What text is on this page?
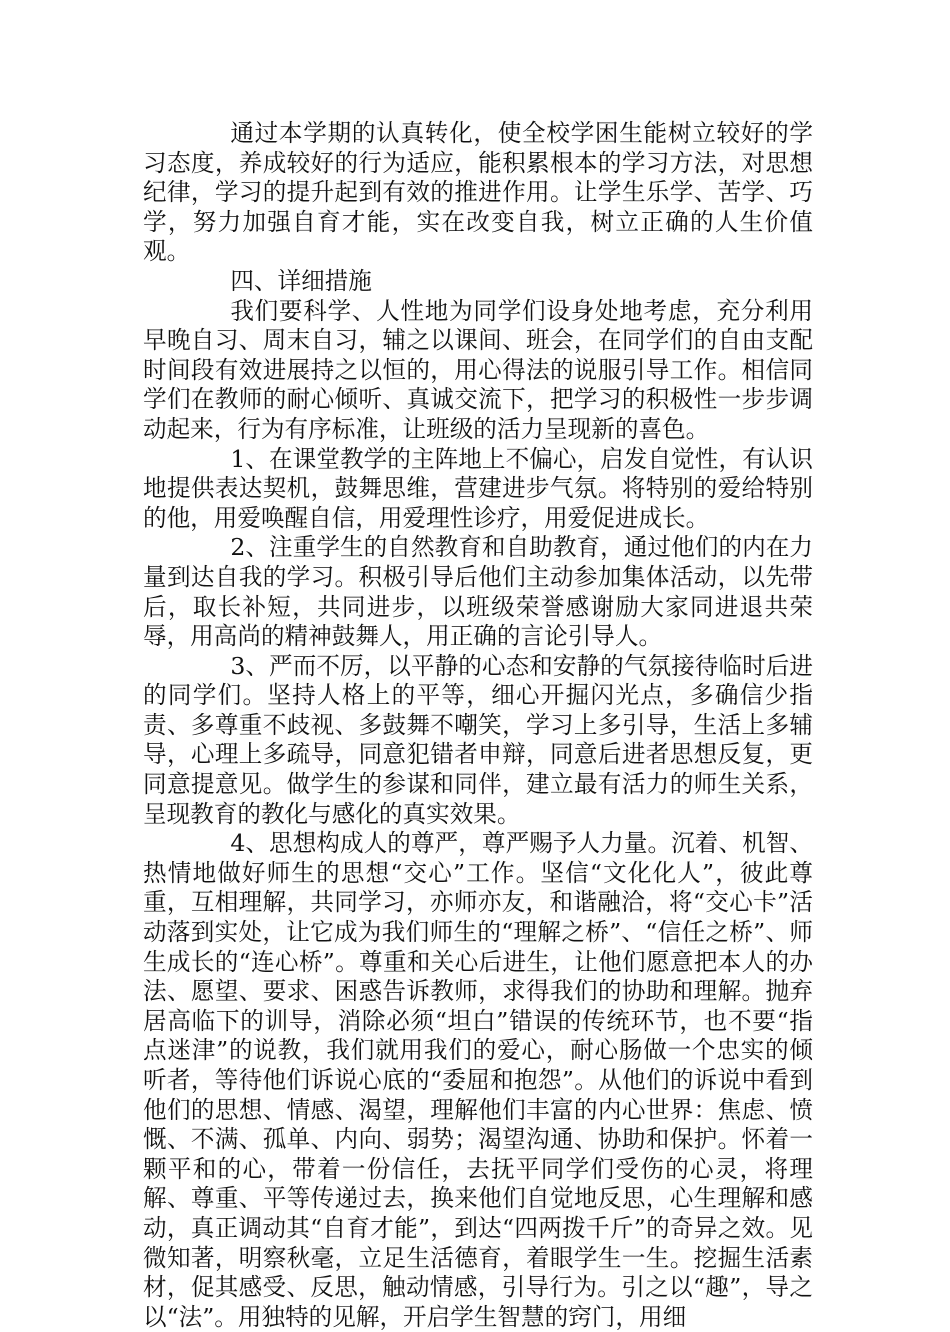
通过本学期的认真转化，使全校学困生能树立较好的学习态度，养成较好的行为适应，能积累根本的学习方法，对思想纪律，学习的提升起到有效的推进作用。让学生乐学、苦学、巧学，努力加强自育才能，实在改变自我，树立正确的人生价值观。

四、详细措施

我们要科学、人性地为同学们设身处地考虑，充分利用早晚自习、周末自习，辅之以课间、班会，在同学们的自由支配时间段有效进展持之以恒的，用心得法的说服引导工作。相信同学们在教师的耐心倾听、真诚交流下，把学习的积极性一步步调动起来，行为有序标准，让班级的活力呈现新的喜色。

1、在课堂教学的主阵地上不偏心，启发自觉性，有认识地提供表达契机，鼓舞思维，营建进步气氛。将特别的爱给特别的他，用爱唤醒自信，用爱理性诊疗，用爱促进成长。

2、注重学生的自然教育和自助教育，通过他们的内在力量到达自我的学习。积极引导后他们主动参加集体活动，以先带后，取长补短，共同进步，以班级荣誉感谢励大家同进退共荣辱，用高尚的精神鼓舞人，用正确的言论引导人。

3、严而不厉，以平静的心态和安静的气氛接待临时后进的同学们。坚持人格上的平等，细心开掘闪光点，多确信少指责、多尊重不歧视、多鼓舞不嘲笑，学习上多引导，生活上多辅导，心理上多疏导，同意犯错者申辩，同意后进者思想反复，更同意提意见。做学生的参谋和同伴，建立最有活力的师生关系，呈现教育的教化与感化的真实效果。

4、思想构成人的尊严，尊严赐予人力量。沉着、机智、热情地做好师生的思想“交心”工作。坚信“文化化人”，彼此尊重，互相理解，共同学习，亦师亦友，和谐融洽，将“交心卡”活动落到实处，让它成为我们师生的“理解之桥”、“信任之桥”、师生成长的“连心桥”。尊重和关心后进生，让他们愿意把本人的办法、愿望、要求、困惑告诉教师，求得我们的协助和理解。抛弃居高临下的训导，消除必须“坦白”错误的传统环节，也不要“指点迷津”的说教，我们就用我们的爱心，耐心肠做一个忠实的倾听者，等待他们诉说心底的“委屈和抱怨”。从他们的诉说中看到他们的思想、情感、渴望，理解他们丰富的内心世界：焦虑、愤慨、不满、孤单、内向、弱势；渴望沟通、协助和保护。怀着一颗平和的心，带着一份信任，去抚平同学们受伤的心灵，将理解、尊重、平等传递过去，换来他们自觉地反思，心生理解和感动，真正调动其“自育才能”，到达“四两拨千斤”的奇异之效。见微知著，明察秋毫，立足生活德育，着眼学生一生。挖掘生活素材，促其感受、反思，触动情感，引导行为。引之以“趣”，导之以“法”。用独特的见解，开启学生智慧的窍门，用细
